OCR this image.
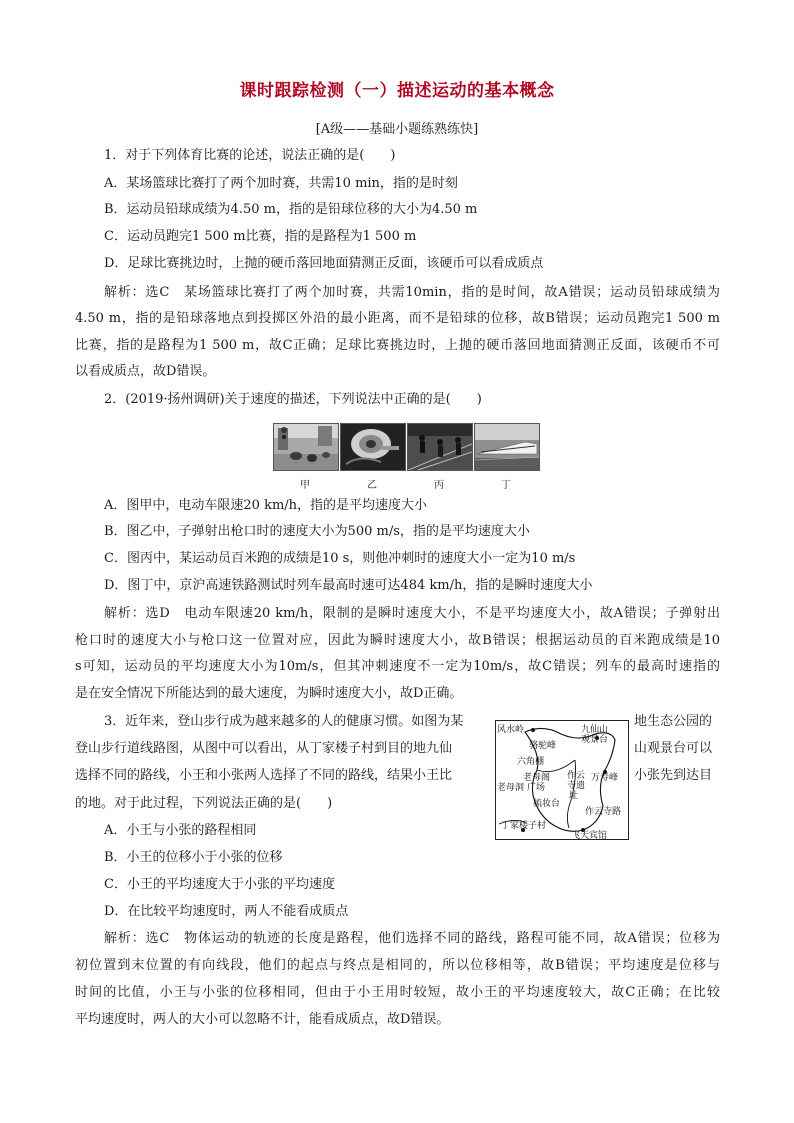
课时跟踪检测（一）描述运动的基本概念
[A级——基础小题练熟练快]
1．对于下列体育比赛的论述，说法正确的是(　　)
A．某场篮球比赛打了两个加时赛，共需10 min，指的是时刻
B．运动员铅球成绩为4.50 m，指的是铅球位移的大小为4.50 m
C．运动员跑完1 500 m比赛，指的是路程为1 500 m
D．足球比赛挑边时，上抛的硬币落回地面猜测正反面，该硬币可以看成质点
解析：选C　某场篮球比赛打了两个加时赛，共需10min，指的是时间，故A错误；运动员铅球成绩为
4.50 m，指的是铅球落地点到投掷区外沿的最小距离，而不是铅球的位移，故B错误；运动员跑完1 500 m
比赛，指的是路程为1 500 m，故C正确；足球比赛挑边时，上抛的硬币落回地面猜测正反面，该硬币不可
以看成质点，故D错误。
2．(2019·扬州调研)关于速度的描述，下列说法中正确的是(　　)
甲	乙	丙	丁
A．图甲中，电动车限速20 km/h，指的是平均速度大小
B．图乙中，子弹射出枪口时的速度大小为500 m/s，指的是平均速度大小
C．图丙中，某运动员百米跑的成绩是10 s，则他冲刺时的速度大小一定为10 m/s
D．图丁中，京沪高速铁路测试时列车最高时速可达484 km/h，指的是瞬时速度大小
解析：选D　电动车限速20 km/h，限制的是瞬时速度大小，不是平均速度大小，故A错误；子弹射出
枪口时的速度大小与枪口这一位置对应，因此为瞬时速度大小，故B错误；根据运动员的百米跑成绩是10
s可知，运动员的平均速度大小为10m/s，但其冲刺速度不一定为10m/s，故C错误；列车的最高时速指的
是在安全情况下所能达到的最大速度，为瞬时速度大小，故D正确。
3．近年来，登山步行成为越来越多的人的健康习惯。如图为某
登山步行道线路图，从图中可以看出，从丁家楼子村到目的地九仙
选择不同的路线，小王和小张两人选择了不同的路线，结果小王比
的地。对于此过程，下列说法正确的是(　　)
地生态公园的
山观景台可以
小张先到达目
风水岭	九仙山
观景台
骆驼峰
六角棚
老母阁
广场
作云
寺遗
址
万寿峰
老母洞
梳妆台
作云寺路
丁家楼子村
飞天宾馆
A．小王与小张的路程相同
B．小王的位移小于小张的位移
C．小王的平均速度大于小张的平均速度
D．在比较平均速度时，两人不能看成质点
解析：选C　物体运动的轨迹的长度是路程，他们选择不同的路线，路程可能不同，故A错误；位移为
初位置到末位置的有向线段，他们的起点与终点是相同的，所以位移相等，故B错误；平均速度是位移与
时间的比值，小王与小张的位移相同，但由于小王用时较短，故小王的平均速度较大，故C正确；在比较
平均速度时，两人的大小可以忽略不计，能看成质点，故D错误。
